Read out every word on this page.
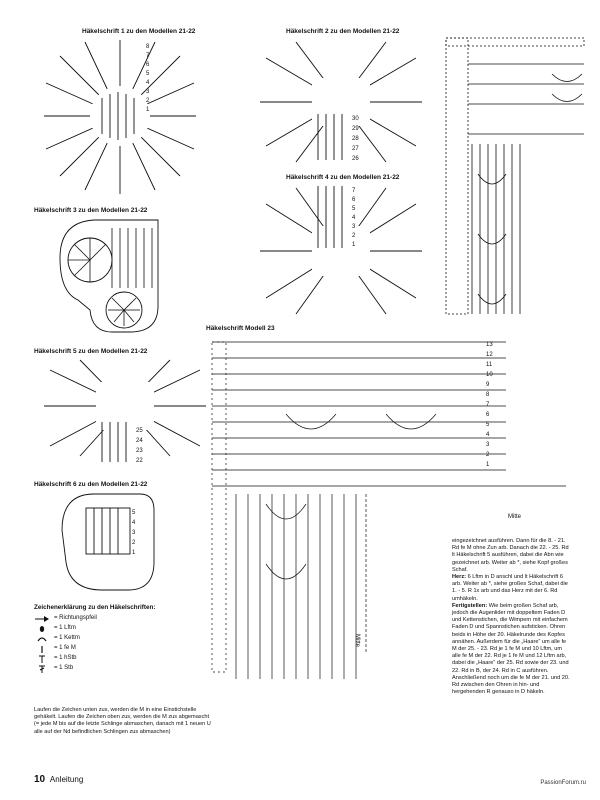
Häkelschrift 1 zu den Modellen 21-22	Häkelschrift 2 zu den Modellen 21-22
Häkelschrift 3 zu den Modellen 21-22
Häkelschrift 4 zu den Modellen 21-22
Häkelschrift 5 zu den Modellen 21-22
Häkelschrift 6 zu den Modellen 21-22
Häkelschrift Modell 23
8
7
6
5
4
3
2
1
30
29
28
27
26
7
6
5
4
3
2
1
25
24
23
22
5
4
3
2
1
13
12
11
10
9
8
7
6
5
4
3
2
1
Mitte
Mitte
Zeichenerklärung zu den Häkelschriften:
= Richtungspfeil
= 1 Lftm
= 1 Kettm
= 1 fe M
= 1 hStb
= 1 Stb
Laufen die Zeichen unten zus, werden die M in eine Einstichstelle gehäkelt. Laufen die Zeichen oben zus, werden die M zus abgemascht (= jede M bis auf die letzte Schlinge abmaschen, danach mit 1 neuen U alle auf der Nd befindlichen Schlingen zus abmaschen)
eingezeichnet ausführen. Dann für die 8. - 21. Rd fe M ohne Zun arb. Danach die 22. - 25. Rd lt Häkelschrift 5 ausführen, dabei die Abn wie gezeichnet arb. Weiter ab *, siehe Kopf großes Schaf.
Herz: 6 Lftm in D anschl und lt Häkelschrift 6 arb. Weiter ab *, siehe großes Schaf, dabei die 1. - 5. R 1x arb und das Herz mit der 6. Rd umhäkeln.
Fertigstellen: Wie beim großen Schaf arb, jedoch die Augenlider mit doppeltem Faden D und Kettenstichen, die Wimpern mit einfachem Faden D und Spannstichen aufsticken. Ohren beids in Höhe der 20. Häkelrunde des Kopfes annähen. Außerdem für die „Haare“ um alle fe M der 25. - 23. Rd je 1 fe M und 10 Lftm, um alle fe M der 22. Rd je 1 fe M und 12 Lftm arb, dabei die „Haare“ der 25. Rd sowie der 23. und 22. Rd in B, der 24. Rd in C ausführen. Anschließend noch um die fe M der 21. und 20. Rd zwischen den Ohren in hin- und hergehenden R genauso in D häkeln.
10 Anleitung	PassionForum.ru
